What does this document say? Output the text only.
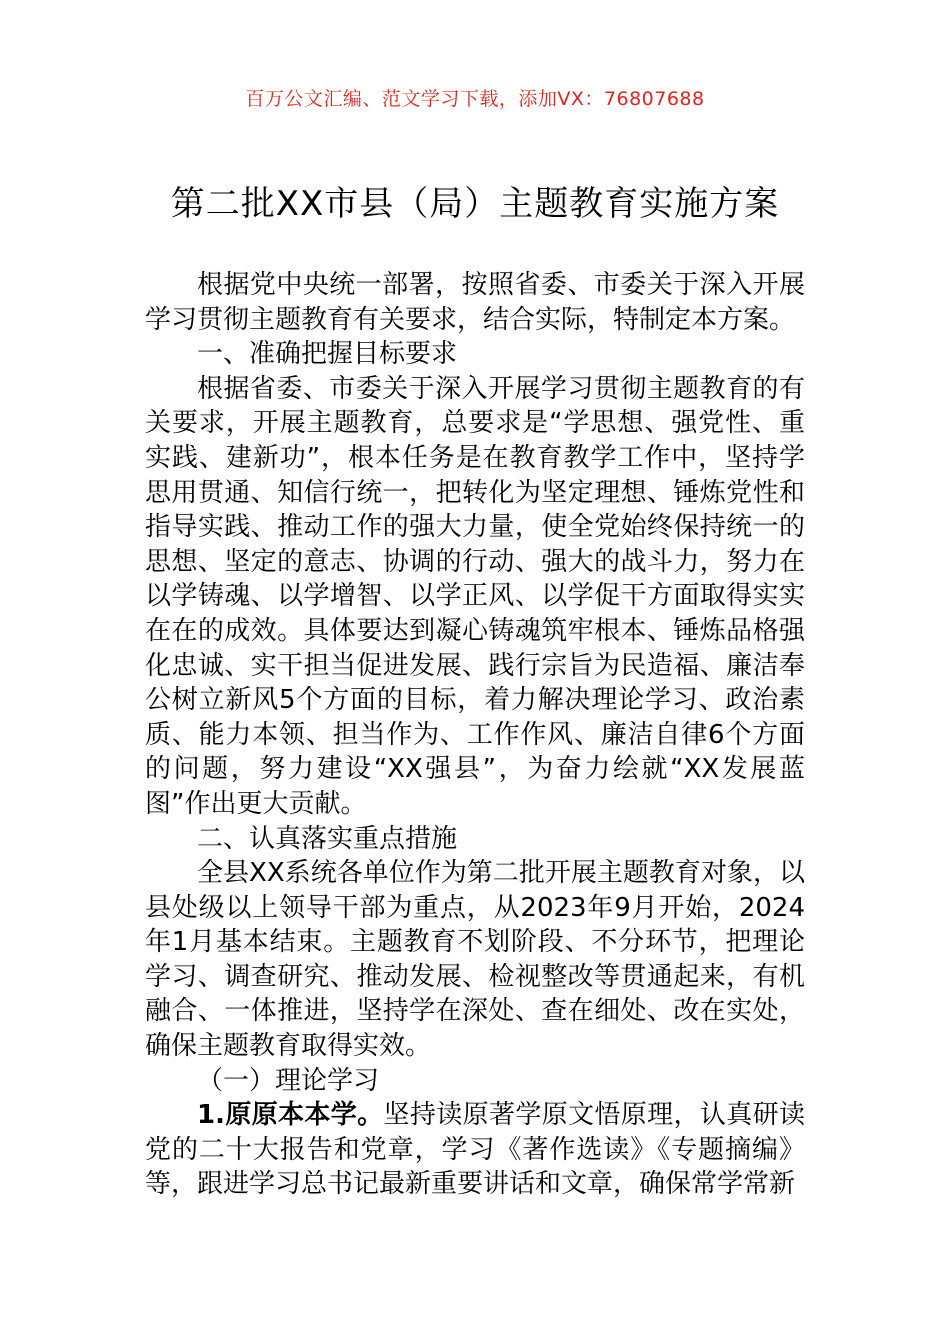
百万公文汇编、范文学习下载，添加VX：76807688
第二批XX市县（局）主题教育实施方案

根据党中央统一部署，按照省委、市委关于深入开展学习贯彻主题教育有关要求，结合实际，特制定本方案。

一、准确把握目标要求

根据省委、市委关于深入开展学习贯彻主题教育的有关要求，开展主题教育，总要求是“学思想、强党性、重实践、建新功”，根本任务是在教育教学工作中，坚持学思用贯通、知信行统一，把转化为坚定理想、锤炼党性和指导实践、推动工作的强大力量，使全党始终保持统一的思想、坚定的意志、协调的行动、强大的战斗力，努力在以学铸魂、以学增智、以学正风、以学促干方面取得实实在在的成效。具体要达到凝心铸魂筑牢根本、锤炼品格强化忠诚、实干担当促进发展、践行宗旨为民造福、廉洁奉公树立新风5个方面的目标，着力解决理论学习、政治素质、能力本领、担当作为、工作作风、廉洁自律6个方面的问题，努力建设“XX强县”，为奋力绘就“XX发展蓝图”作出更大贡献。

二、认真落实重点措施

全县XX系统各单位作为第二批开展主题教育对象，以县处级以上领导干部为重点，从2023年9月开始，2024年1月基本结束。主题教育不划阶段、不分环节，把理论学习、调查研究、推动发展、检视整改等贯通起来，有机融合、一体推进，坚持学在深处、查在细处、改在实处，确保主题教育取得实效。

（一）理论学习

1.原原本本学。坚持读原著学原文悟原理，认真研读党的二十大报告和党章，学习《著作选读》《专题摘编》等，跟进学习总书记最新重要讲话和文章，确保常学常新
